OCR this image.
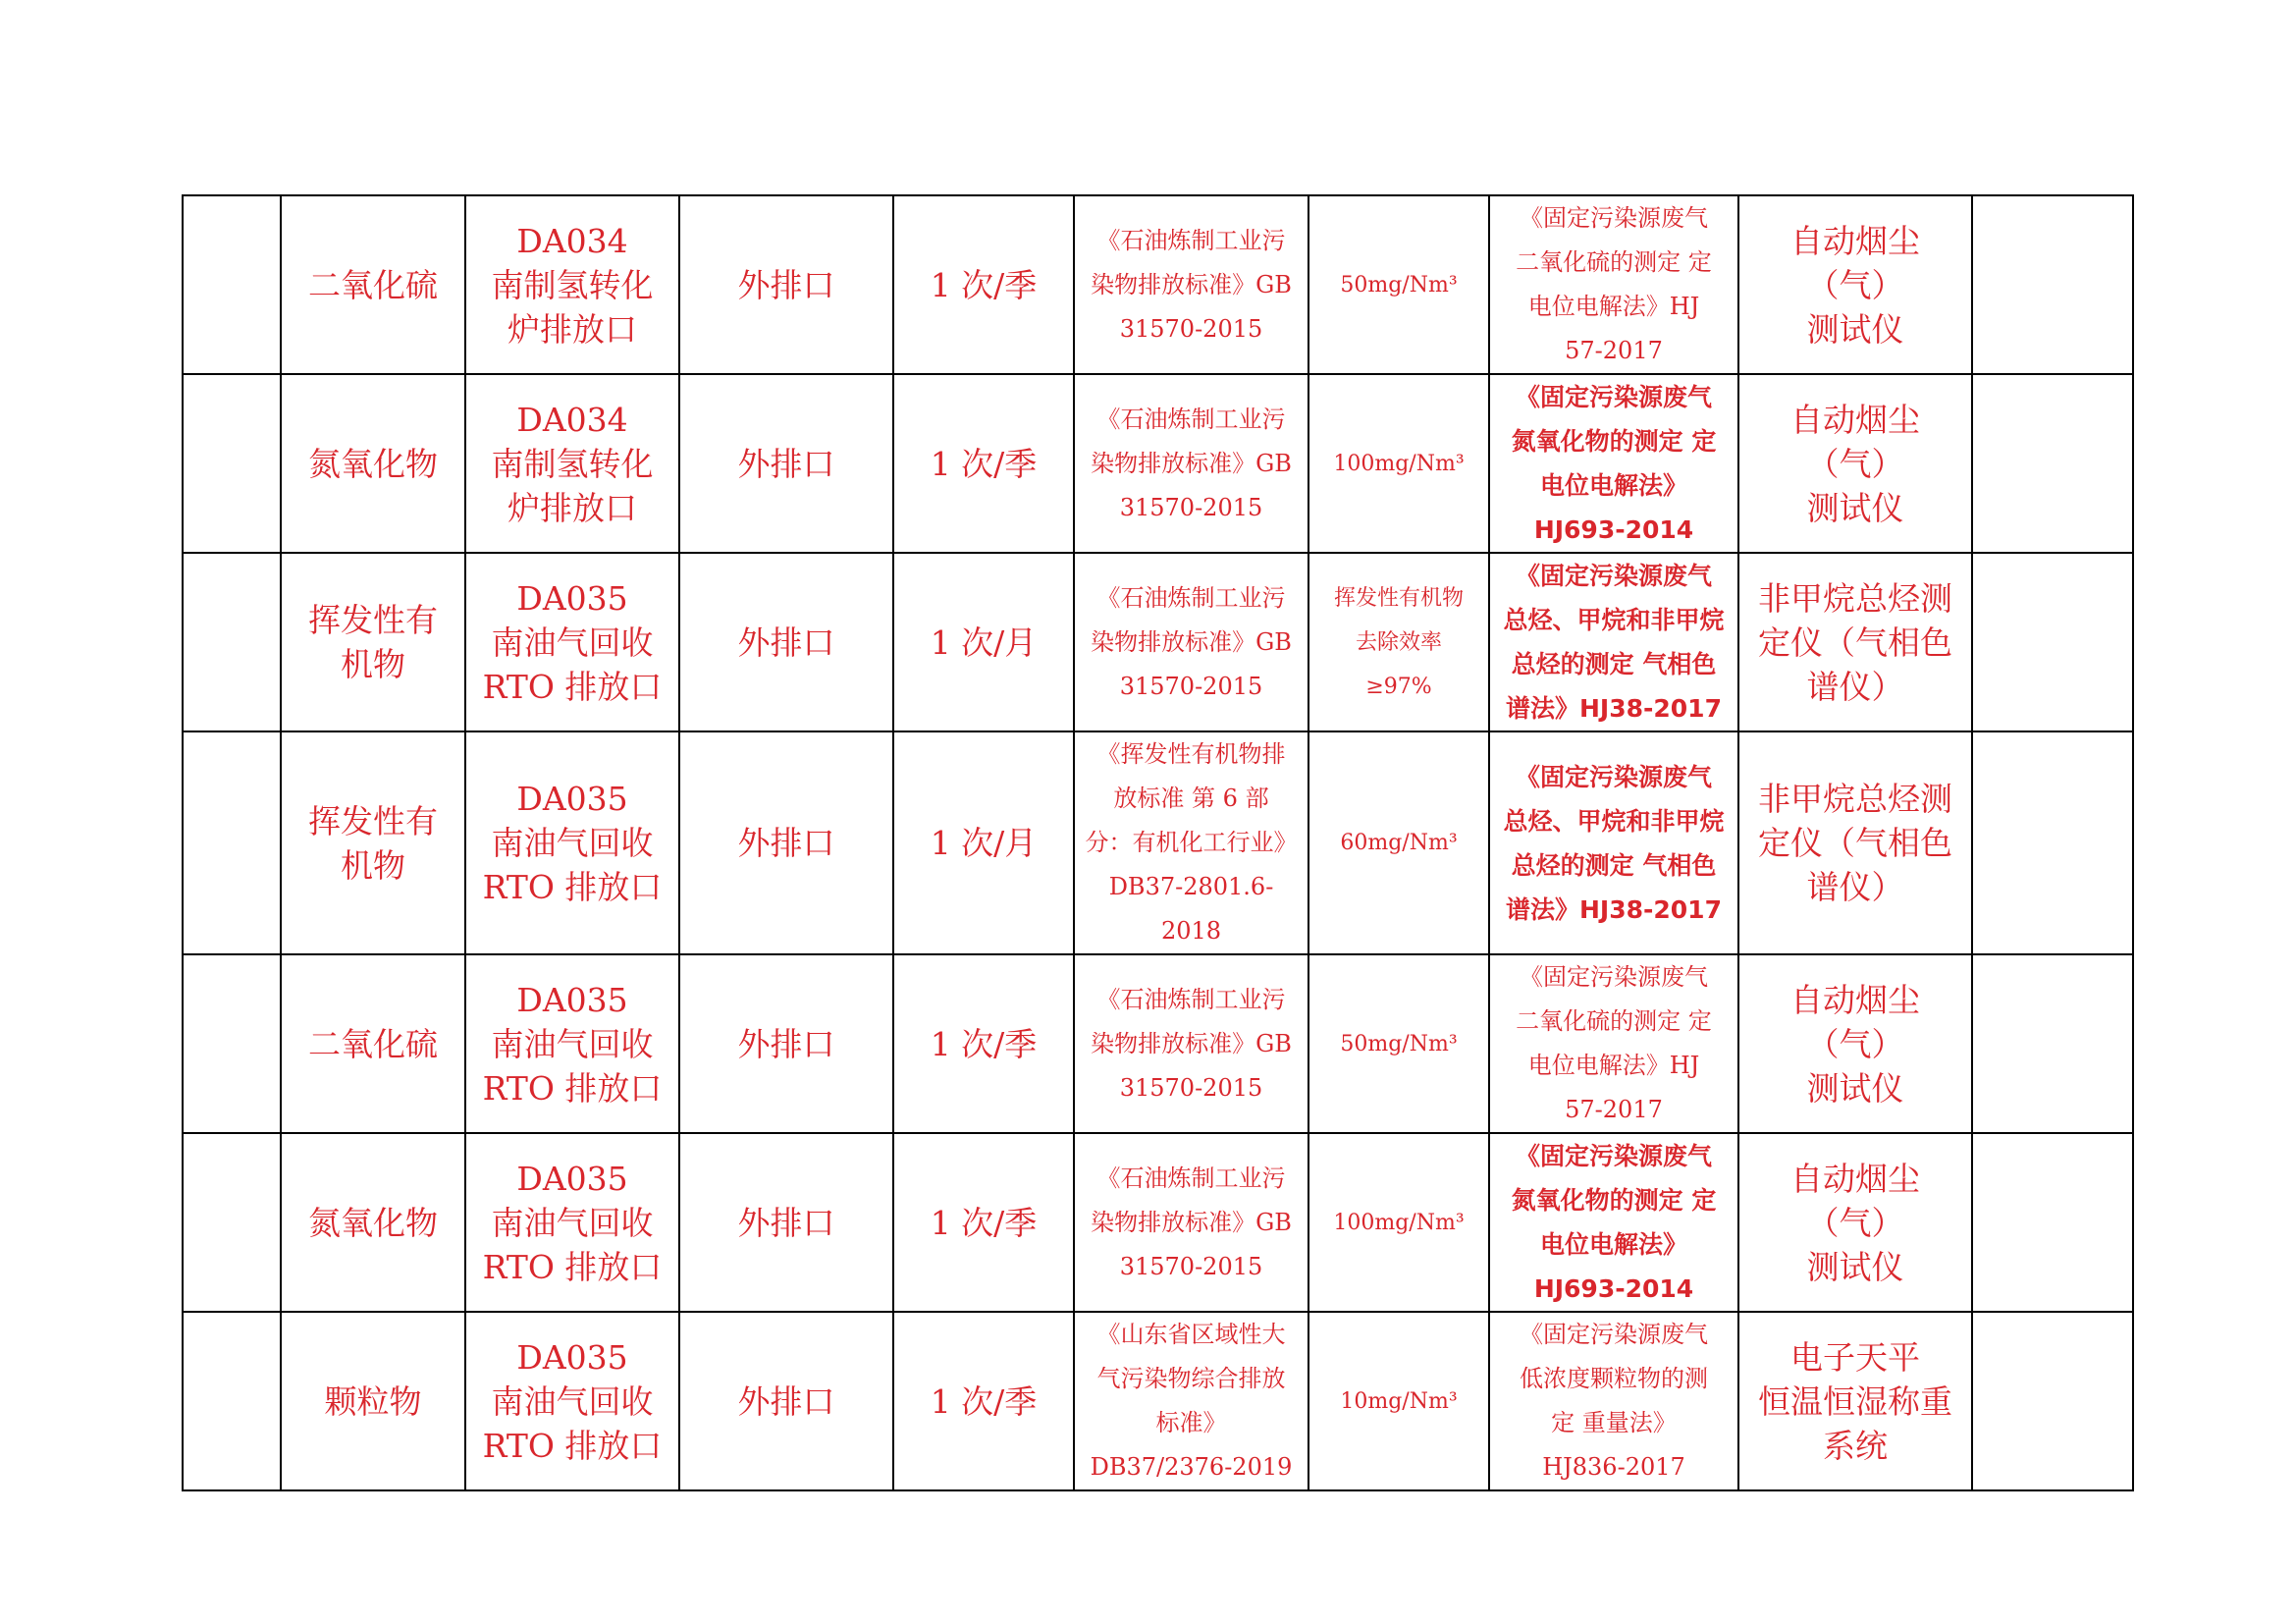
	二氧化硫	DA034
南制氢转化
炉排放口	外排口	1 次/季	《石油炼制工业污
染物排放标准》GB
31570-2015	50mg/Nm³	《固定污染源废气
二氧化硫的测定 定
电位电解法》HJ
57-2017	自动烟尘（气）
测试仪	
	氮氧化物	DA034
南制氢转化
炉排放口	外排口	1 次/季	《石油炼制工业污
染物排放标准》GB
31570-2015	100mg/Nm³	《固定污染源废气
氮氧化物的测定 定
电位电解法》
HJ693-2014	自动烟尘（气）
测试仪	
	挥发性有
机物	DA035
南油气回收
RTO 排放口	外排口	1 次/月	《石油炼制工业污
染物排放标准》GB
31570-2015	挥发性有机物
去除效率
≥97%	《固定污染源废气
总烃、甲烷和非甲烷
总烃的测定 气相色
谱法》HJ38-2017	非甲烷总烃测
定仪（气相色
谱仪）	
	挥发性有
机物	DA035
南油气回收
RTO 排放口	外排口	1 次/月	《挥发性有机物排
放标准 第 6 部
分：有机化工行业》
DB37-2801.6-2018	60mg/Nm³	《固定污染源废气
总烃、甲烷和非甲烷
总烃的测定 气相色
谱法》HJ38-2017	非甲烷总烃测
定仪（气相色
谱仪）	
	二氧化硫	DA035
南油气回收
RTO 排放口	外排口	1 次/季	《石油炼制工业污
染物排放标准》GB
31570-2015	50mg/Nm³	《固定污染源废气
二氧化硫的测定 定
电位电解法》HJ
57-2017	自动烟尘（气）
测试仪	
	氮氧化物	DA035
南油气回收
RTO 排放口	外排口	1 次/季	《石油炼制工业污
染物排放标准》GB
31570-2015	100mg/Nm³	《固定污染源废气
氮氧化物的测定 定
电位电解法》
HJ693-2014	自动烟尘（气）
测试仪	
	颗粒物	DA035
南油气回收
RTO 排放口	外排口	1 次/季	《山东省区域性大
气污染物综合排放
标准》
DB37/2376-2019	10mg/Nm³	《固定污染源废气
低浓度颗粒物的测
定 重量法》
HJ836-2017	电子天平
恒温恒湿称重
系统	
